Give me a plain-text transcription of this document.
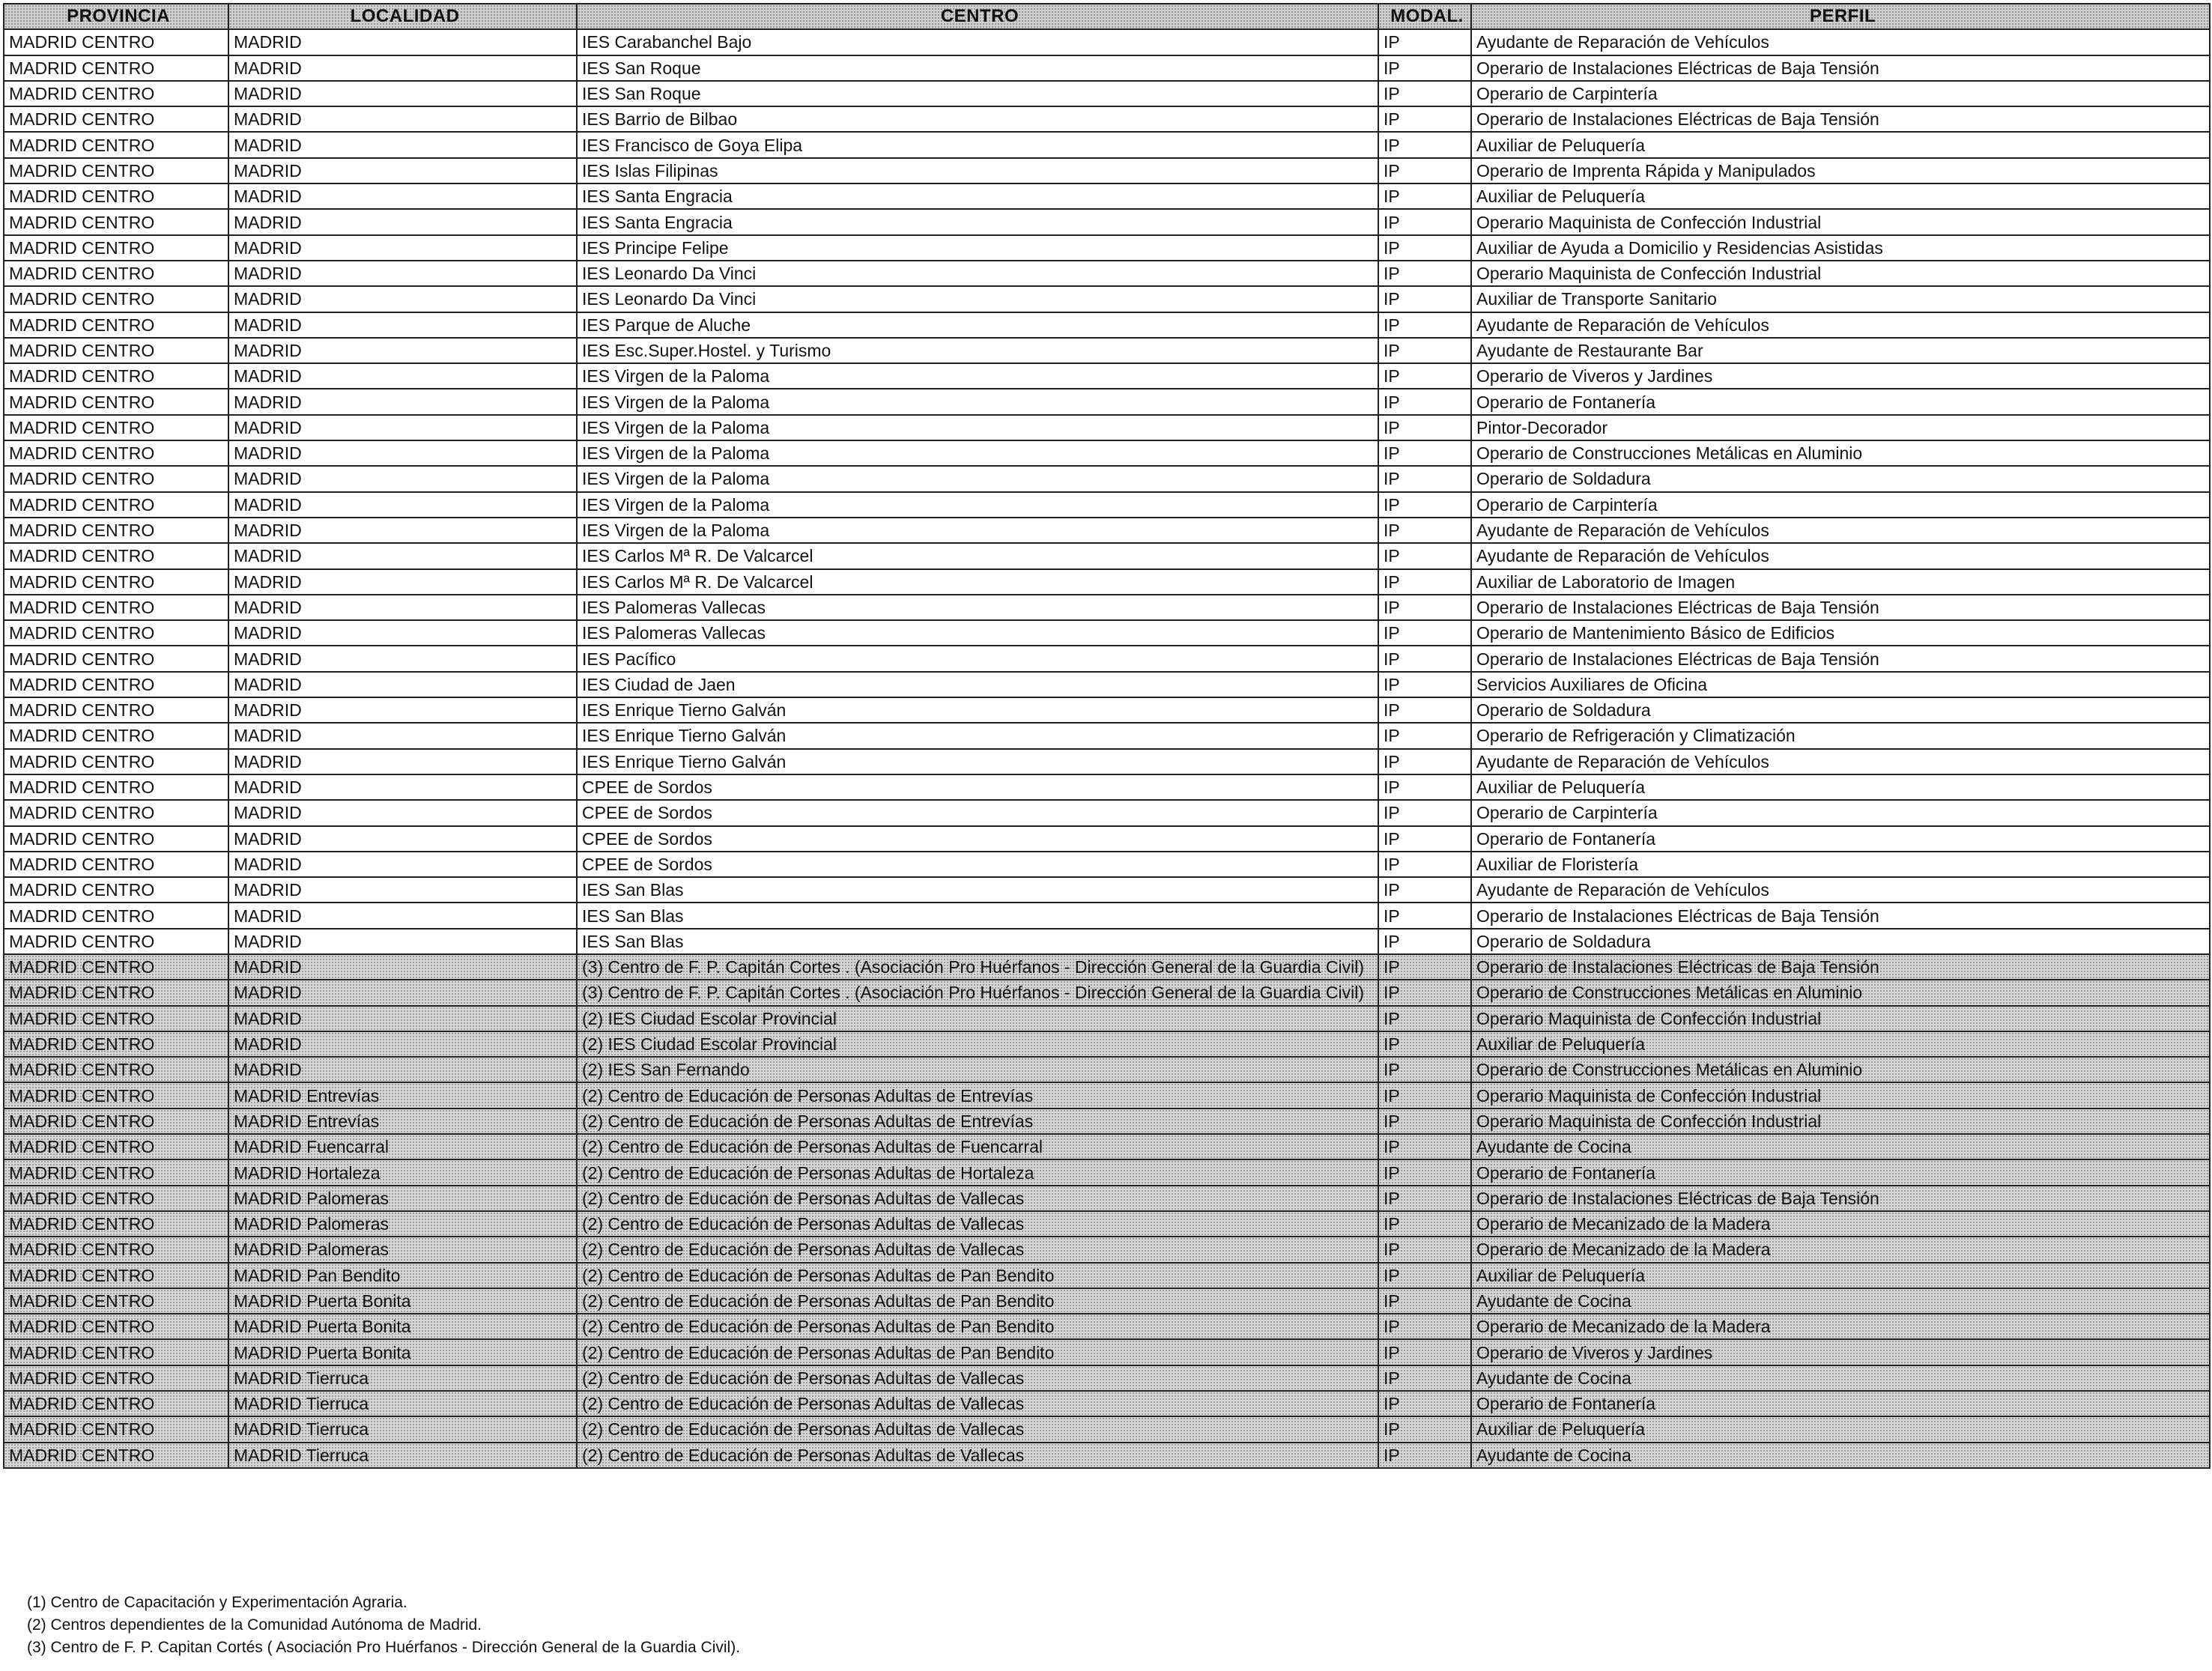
PROVINCIA	LOCALIDAD	CENTRO	MODAL.	PERFIL
MADRID CENTRO	MADRID	IES Carabanchel Bajo	IP	Ayudante de Reparación de Vehículos
MADRID CENTRO	MADRID	IES San Roque	IP	Operario de Instalaciones Eléctricas de Baja Tensión
MADRID CENTRO	MADRID	IES San Roque	IP	Operario de Carpintería
MADRID CENTRO	MADRID	IES Barrio de Bilbao	IP	Operario de Instalaciones Eléctricas de Baja Tensión
MADRID CENTRO	MADRID	IES Francisco de Goya Elipa	IP	Auxiliar de Peluquería
MADRID CENTRO	MADRID	IES Islas Filipinas	IP	Operario de Imprenta Rápida y Manipulados
MADRID CENTRO	MADRID	IES Santa Engracia	IP	Auxiliar de Peluquería
MADRID CENTRO	MADRID	IES Santa Engracia	IP	Operario Maquinista de Confección Industrial
MADRID CENTRO	MADRID	IES Principe Felipe	IP	Auxiliar de Ayuda a Domicilio y Residencias Asistidas
MADRID CENTRO	MADRID	IES Leonardo Da Vinci	IP	Operario Maquinista de Confección Industrial
MADRID CENTRO	MADRID	IES Leonardo Da Vinci	IP	Auxiliar de Transporte Sanitario
MADRID CENTRO	MADRID	IES Parque de Aluche	IP	Ayudante de Reparación de Vehículos
MADRID CENTRO	MADRID	IES Esc.Super.Hostel. y Turismo	IP	Ayudante de Restaurante Bar
MADRID CENTRO	MADRID	IES Virgen de la Paloma	IP	Operario de Viveros y Jardines
MADRID CENTRO	MADRID	IES Virgen de la Paloma	IP	Operario de Fontanería
MADRID CENTRO	MADRID	IES Virgen de la Paloma	IP	Pintor-Decorador
MADRID CENTRO	MADRID	IES Virgen de la Paloma	IP	Operario de Construcciones Metálicas en Aluminio
MADRID CENTRO	MADRID	IES Virgen de la Paloma	IP	Operario de Soldadura
MADRID CENTRO	MADRID	IES Virgen de la Paloma	IP	Operario de Carpintería
MADRID CENTRO	MADRID	IES Virgen de la Paloma	IP	Ayudante de Reparación de Vehículos
MADRID CENTRO	MADRID	IES Carlos Mª R. De Valcarcel	IP	Ayudante de Reparación de Vehículos
MADRID CENTRO	MADRID	IES Carlos Mª R. De Valcarcel	IP	Auxiliar de Laboratorio de Imagen
MADRID CENTRO	MADRID	IES Palomeras Vallecas	IP	Operario de Instalaciones Eléctricas de Baja Tensión
MADRID CENTRO	MADRID	IES Palomeras Vallecas	IP	Operario de Mantenimiento Básico de Edificios
MADRID CENTRO	MADRID	IES Pacífico	IP	Operario de Instalaciones Eléctricas de Baja Tensión
MADRID CENTRO	MADRID	IES Ciudad de Jaen	IP	Servicios Auxiliares de Oficina
MADRID CENTRO	MADRID	IES Enrique Tierno Galván	IP	Operario de Soldadura
MADRID CENTRO	MADRID	IES Enrique Tierno Galván	IP	Operario de Refrigeración y Climatización
MADRID CENTRO	MADRID	IES Enrique Tierno Galván	IP	Ayudante de Reparación de Vehículos
MADRID CENTRO	MADRID	CPEE de Sordos	IP	Auxiliar de Peluquería
MADRID CENTRO	MADRID	CPEE de Sordos	IP	Operario de Carpintería
MADRID CENTRO	MADRID	CPEE de Sordos	IP	Operario de Fontanería
MADRID CENTRO	MADRID	CPEE de Sordos	IP	Auxiliar de Floristería
MADRID CENTRO	MADRID	IES San Blas	IP	Ayudante de Reparación de Vehículos
MADRID CENTRO	MADRID	IES San Blas	IP	Operario de Instalaciones Eléctricas de Baja Tensión
MADRID CENTRO	MADRID	IES San Blas	IP	Operario de Soldadura
MADRID CENTRO	MADRID	(3) Centro de F. P. Capitán Cortes . (Asociación Pro Huérfanos - Dirección General de la Guardia Civil)	IP	Operario de Instalaciones Eléctricas de Baja Tensión
MADRID CENTRO	MADRID	(3) Centro de F. P. Capitán Cortes . (Asociación Pro Huérfanos - Dirección General de la Guardia Civil)	IP	Operario de Construcciones Metálicas en Aluminio
MADRID CENTRO	MADRID	(2) IES Ciudad Escolar Provincial	IP	Operario Maquinista de Confección Industrial
MADRID CENTRO	MADRID	(2) IES Ciudad Escolar Provincial	IP	Auxiliar de Peluquería
MADRID CENTRO	MADRID	(2) IES San Fernando	IP	Operario de Construcciones Metálicas en Aluminio
MADRID CENTRO	MADRID Entrevías	(2) Centro de Educación de Personas Adultas de Entrevías	IP	Operario Maquinista de Confección Industrial
MADRID CENTRO	MADRID Entrevías	(2) Centro de Educación de Personas Adultas de Entrevías	IP	Operario Maquinista de Confección Industrial
MADRID CENTRO	MADRID Fuencarral	(2) Centro de Educación de Personas Adultas de Fuencarral	IP	Ayudante de Cocina
MADRID CENTRO	MADRID Hortaleza	(2) Centro de Educación de Personas Adultas de Hortaleza	IP	Operario de Fontanería
MADRID CENTRO	MADRID Palomeras	(2) Centro de Educación de Personas Adultas de Vallecas	IP	Operario de Instalaciones Eléctricas de Baja Tensión
MADRID CENTRO	MADRID Palomeras	(2) Centro de Educación de Personas Adultas de Vallecas	IP	Operario de Mecanizado de la Madera
MADRID CENTRO	MADRID Palomeras	(2) Centro de Educación de Personas Adultas de Vallecas	IP	Operario de Mecanizado de la Madera
MADRID CENTRO	MADRID Pan Bendito	(2) Centro de Educación de Personas Adultas de Pan Bendito	IP	Auxiliar de Peluquería
MADRID CENTRO	MADRID Puerta Bonita	(2) Centro de Educación de Personas Adultas de Pan Bendito	IP	Ayudante de Cocina
MADRID CENTRO	MADRID Puerta Bonita	(2) Centro de Educación de Personas Adultas de Pan Bendito	IP	Operario de Mecanizado de la Madera
MADRID CENTRO	MADRID Puerta Bonita	(2) Centro de Educación de Personas Adultas de Pan Bendito	IP	Operario de Viveros y Jardines
MADRID CENTRO	MADRID Tierruca	(2) Centro de Educación de Personas Adultas de Vallecas	IP	Ayudante de Cocina
MADRID CENTRO	MADRID Tierruca	(2) Centro de Educación de Personas Adultas de Vallecas	IP	Operario de Fontanería
MADRID CENTRO	MADRID Tierruca	(2) Centro de Educación de Personas Adultas de Vallecas	IP	Auxiliar de Peluquería
MADRID CENTRO	MADRID Tierruca	(2) Centro de Educación de Personas Adultas de Vallecas	IP	Ayudante de Cocina
(1) Centro de Capacitación y Experimentación Agraria.
(2) Centros dependientes de la Comunidad Autónoma de Madrid.
(3) Centro de F. P. Capitan Cortés ( Asociación Pro Huérfanos - Dirección General de la Guardia Civil).
